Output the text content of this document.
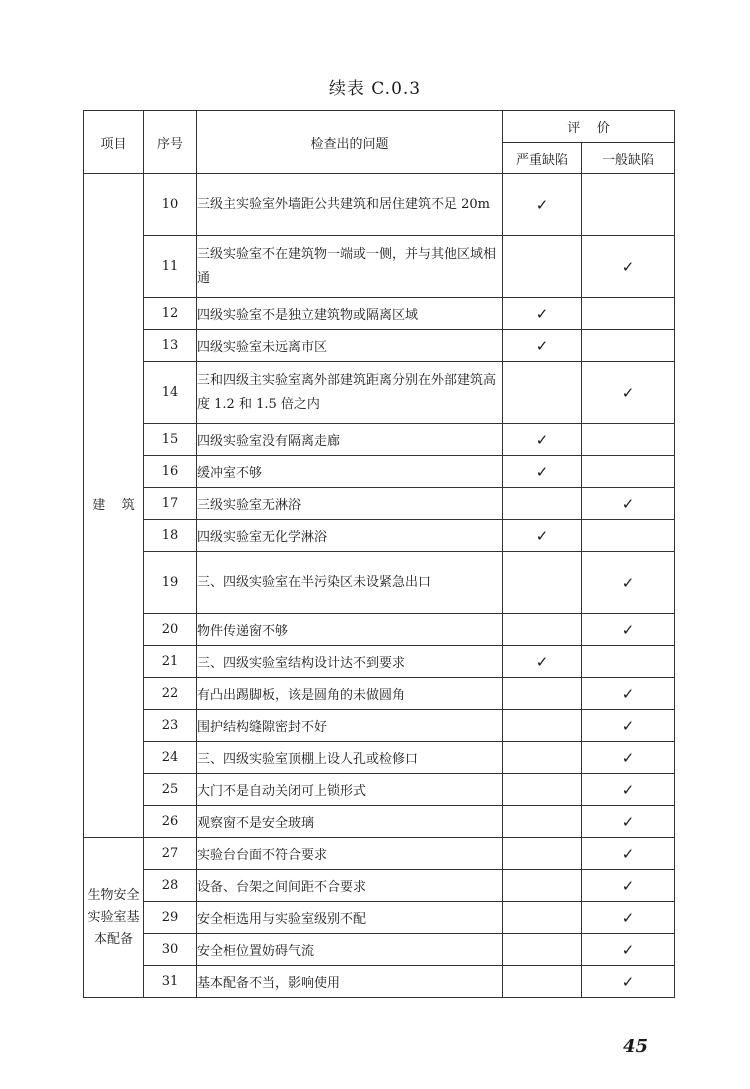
续表 C.0.3
项目	序号	检查出的问题	评    价	
			严重缺陷	一般缺陷
建    筑	10	三级主实验室外墙距公共建筑和居住建筑不足 20m	✓	
	11	三级实验室不在建筑物一端或一侧，并与其他区域相通		✓
	12	四级实验室不是独立建筑物或隔离区域	✓	
	13	四级实验室未远离市区	✓	
	14	三和四级主实验室离外部建筑距离分别在外部建筑高度 1.2 和 1.5 倍之内		✓
	15	四级实验室没有隔离走廊	✓	
	16	缓冲室不够	✓	
	17	三级实验室无淋浴		✓
	18	四级实验室无化学淋浴	✓	
	19	三、四级实验室在半污染区未设紧急出口		✓
	20	物件传递窗不够		✓
	21	三、四级实验室结构设计达不到要求	✓	
	22	有凸出踢脚板，该是圆角的未做圆角		✓
	23	围护结构缝隙密封不好		✓
	24	三、四级实验室顶棚上设人孔或检修口		✓
	25	大门不是自动关闭可上锁形式		✓
	26	观察窗不是安全玻璃		✓
生物安全实验室基本配备	27	实验台台面不符合要求		✓
	28	设备、台架之间间距不合要求		✓
	29	安全柜选用与实验室级别不配		✓
	30	安全柜位置妨碍气流		✓
	31	基本配备不当，影响使用		✓
45
